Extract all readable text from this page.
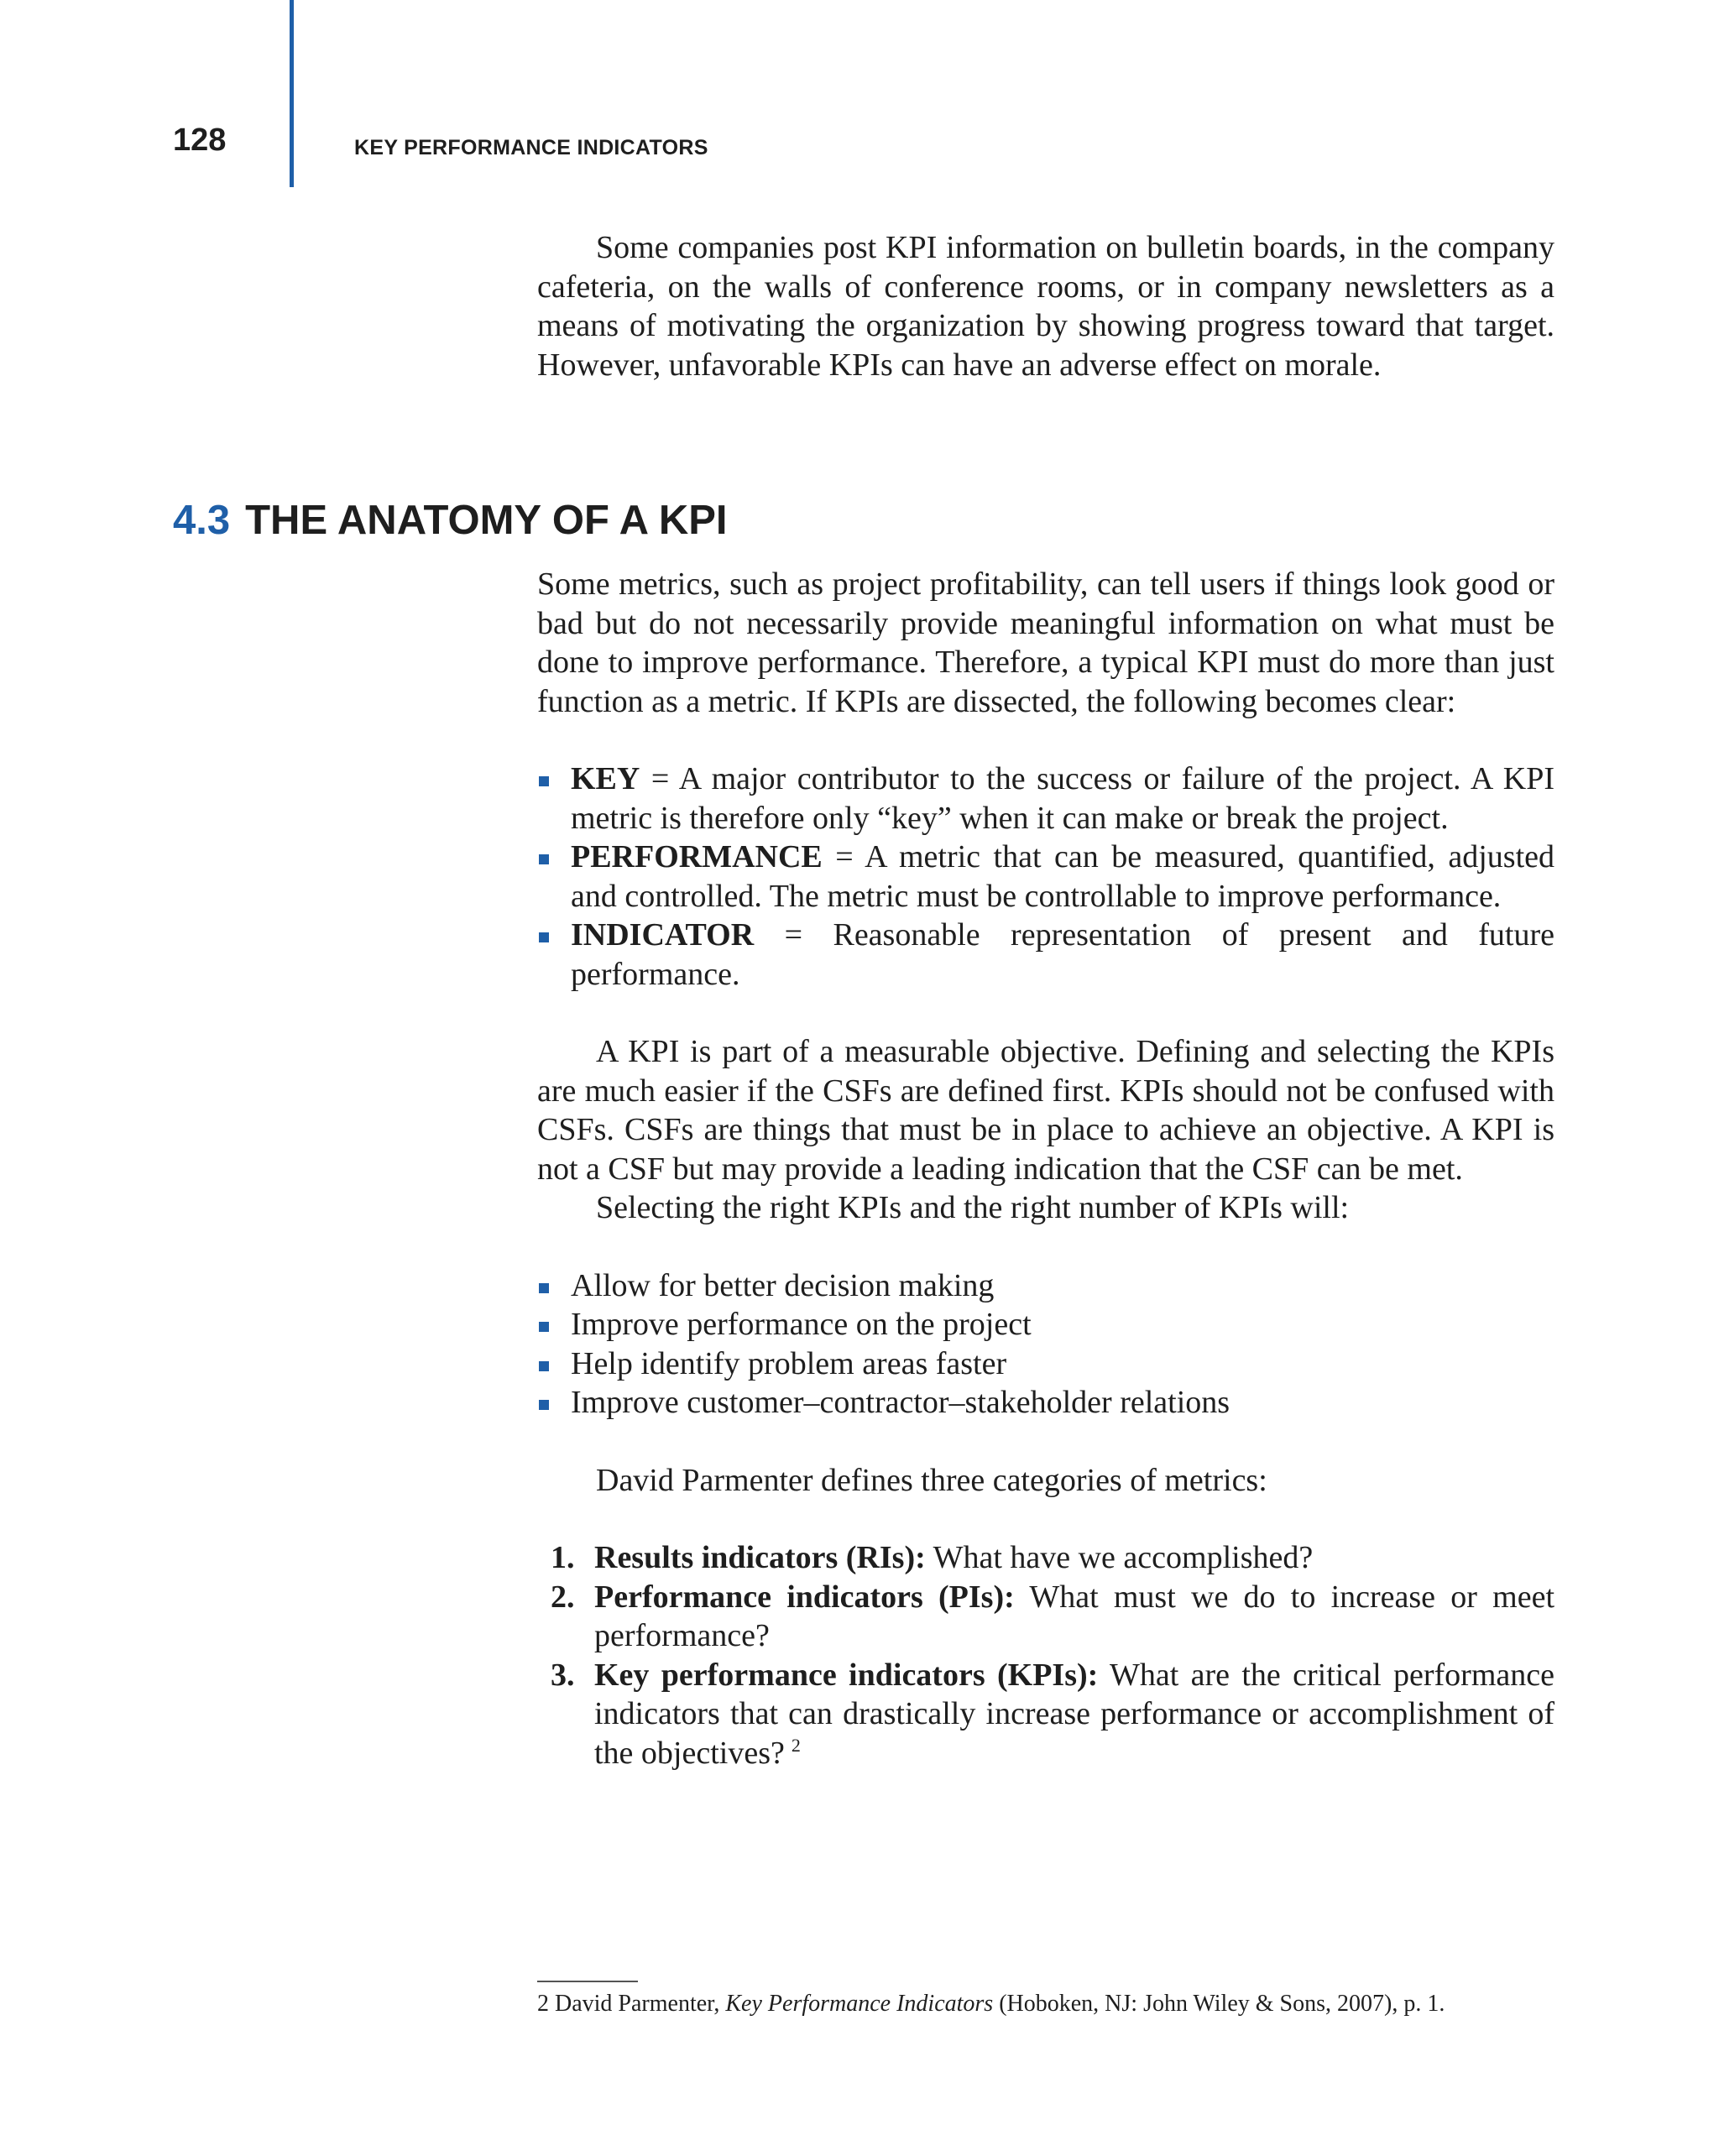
128	KEY PERFORMANCE INDICATORS

Some companies post KPI information on bulletin boards, in the company cafeteria, on the walls of conference rooms, or in company newsletters as a means of motivating the organization by showing progress toward that target. However, unfavorable KPIs can have an adverse effect on morale.

4.3 THE ANATOMY OF A KPI

Some metrics, such as project profitability, can tell users if things look good or bad but do not necessarily provide meaningful information on what must be done to improve performance. Therefore, a typical KPI must do more than just function as a metric. If KPIs are dissected, the following becomes clear:

KEY = A major contributor to the success or failure of the project. A KPI metric is therefore only “key” when it can make or break the project.
PERFORMANCE = A metric that can be measured, quantified, adjusted and controlled. The metric must be controllable to improve performance.
INDICATOR = Reasonable representation of present and future performance.

A KPI is part of a measurable objective. Defining and selecting the KPIs are much easier if the CSFs are defined first. KPIs should not be confused with CSFs. CSFs are things that must be in place to achieve an objective. A KPI is not a CSF but may provide a leading indication that the CSF can be met.

Selecting the right KPIs and the right number of KPIs will:

Allow for better decision making
Improve performance on the project
Help identify problem areas faster
Improve customer–contractor–stakeholder relations

David Parmenter defines three categories of metrics:

1. Results indicators (RIs): What have we accomplished?
2. Performance indicators (PIs): What must we do to increase or meet performance?
3. Key performance indicators (KPIs): What are the critical performance indicators that can drastically increase performance or accomplishment of the objectives? $^2$
2 David Parmenter, Key Performance Indicators (Hoboken, NJ: John Wiley & Sons, 2007), p. 1.
